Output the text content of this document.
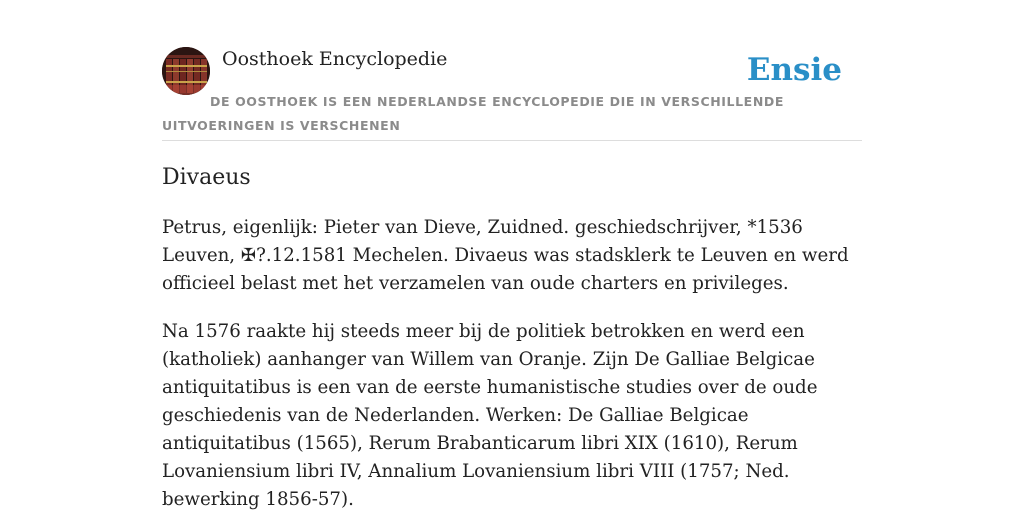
Oosthoek Encyclopedie	Ensie
DE OOSTHOEK IS EEN NEDERLANDSE ENCYCLOPEDIE DIE IN VERSCHILLENDE UITVOERINGEN IS VERSCHENEN
Divaeus

Petrus, eigenlijk: Pieter van Dieve, Zuidned. geschiedschrijver, *1536 Leuven, ✠?.12.1581 Mechelen. Divaeus was stadsklerk te Leuven en werd officieel belast met het verzamelen van oude charters en privileges.

Na 1576 raakte hij steeds meer bij de politiek betrokken en werd een (katholiek) aanhanger van Willem van Oranje. Zijn De Galliae Belgicae antiquitatibus is een van de eerste humanistische studies over de oude geschiedenis van de Nederlanden. Werken: De Galliae Belgicae antiquitatibus (1565), Rerum Brabanticarum libri XIX (1610), Rerum Lovaniensium libri IV, Annalium Lovaniensium libri VIII (1757; Ned. bewerking 1856-57).
